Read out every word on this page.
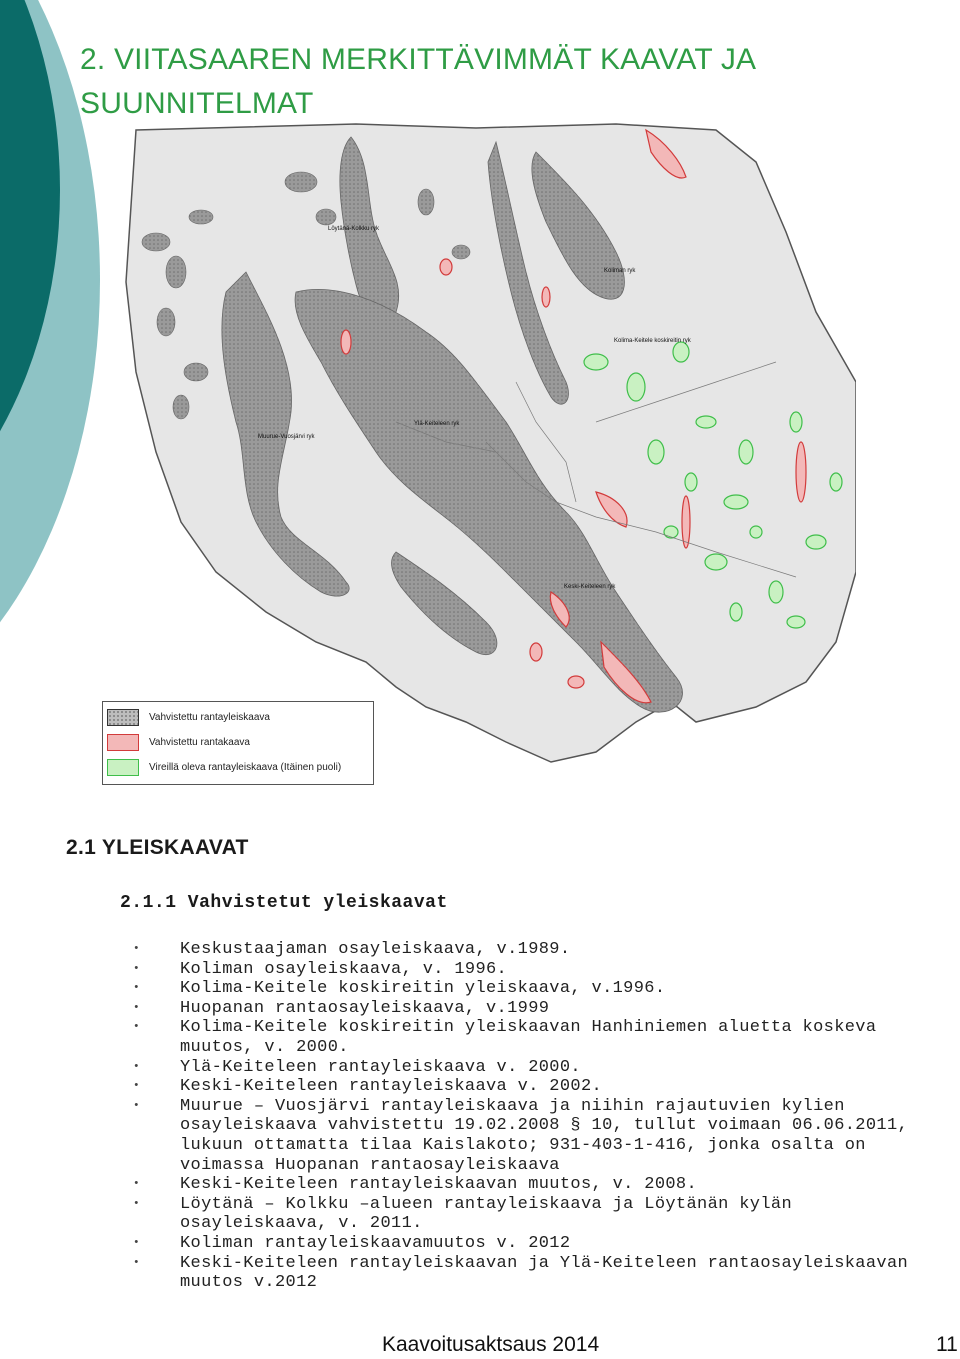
2. VIITASAAREN MERKITTÄVIMMÄT KAAVAT JA
SUUNNITELMAT
Löytänä-Kolkku ryk
Koliman ryk
Kolima-Keitele koskireitin ryk
Muurue-Vuosjärvi ryk
Ylä-Keiteleen ryk
Keski-Keiteleen ryk
Vahvistettu rantayleiskaava
Vahvistettu rantakaava
Vireillä oleva rantayleiskaava (Itäinen puoli)
2.1 YLEISKAAVAT
2.1.1 Vahvistetut yleiskaavat
• Keskustaajaman osayleiskaava, v.1989.
• Koliman osayleiskaava, v. 1996.
• Kolima-Keitele koskireitin yleiskaava, v.1996.
• Huopanan rantaosayleiskaava, v.1999
• Kolima-Keitele koskireitin yleiskaavan Hanhiniemen aluetta koskeva muutos, v. 2000.
• Ylä-Keiteleen rantayleiskaava v. 2000.
• Keski-Keiteleen rantayleiskaava v. 2002.
• Muurue – Vuosjärvi rantayleiskaava ja niihin rajautuvien kylien osayleiskaava vahvistettu 19.02.2008 § 10, tullut voimaan 06.06.2011, lukuun ottamatta tilaa Kaislakoto; 931-403-1-416, jonka osalta on voimassa Huopanan rantaosayleiskaava
• Keski-Keiteleen rantayleiskaavan muutos, v. 2008.
• Löytänä – Kolkku –alueen rantayleiskaava ja Löytänän kylän osayleiskaava, v. 2011.
• Koliman rantayleiskaavamuutos v. 2012
• Keski-Keiteleen rantayleiskaavan ja Ylä-Keiteleen rantaosayleiskaavan muutos v.2012
Kaavoitusaktsaus 2014	11
